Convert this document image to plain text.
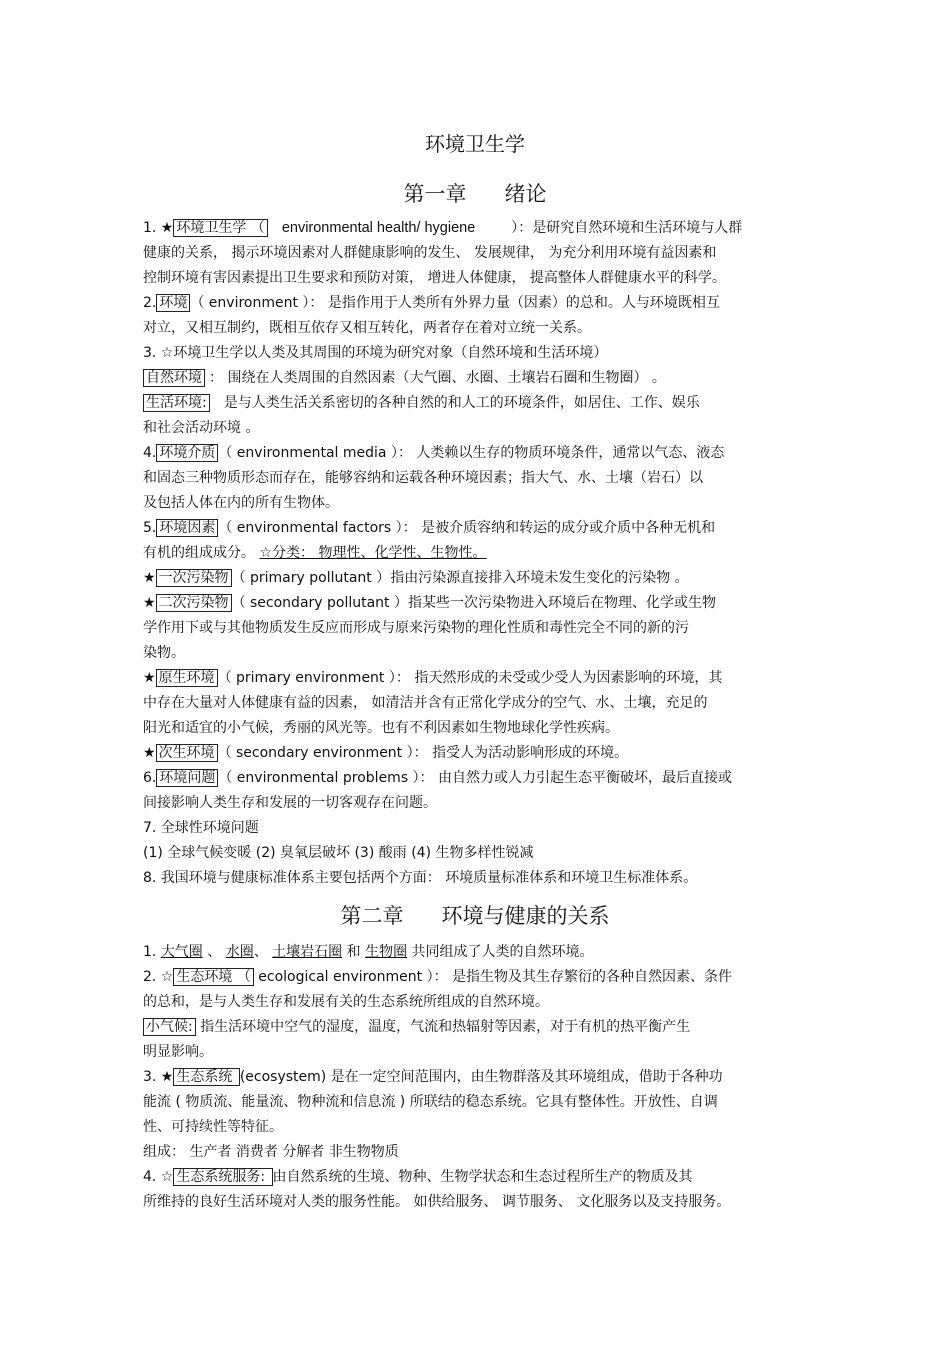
环境卫生学
第一章 绪论
1. ★ 环境卫生学 （ environmental health/ hygiene	）：是研究自然环境和生活环境与人群
健康的关系， 揭示环境因素对人群健康影响的发生、 发展规律， 为充分利用环境有益因素和
控制环境有害因素提出卫生要求和预防对策， 增进人体健康， 提高整体人群健康水平的科学。
2. 环境 （ environment ）： 是指作用于人类所有外界力量（因素）的总和。人与环境既相互
对立，又相互制约，既相互依存又相互转化，两者存在着对立统一关系。
3. ☆环境卫生学以人类及其周围的环境为研究对象（自然环境和生活环境）
自然环境 ： 围绕在人类周围的自然因素（大气圈、水圈、土壤岩石圈和生物圈） 。
生活环境: 是与人类生活关系密切的各种自然的和人工的环境条件，如居住、工作、娱乐
和社会活动环境 。
4. 环境介质 （ environmental media ）： 人类赖以生存的物质环境条件，通常以气态、液态
和固态三种物质形态而存在，能够容纳和运载各种环境因素；指大气、水、土壤（岩石）以
及包括人体在内的所有生物体。
5. 环境因素 （ environmental factors ）： 是被介质容纳和转运的成分或介质中各种无机和
有机的组成成分。 ☆分类： 物理性、化学性、生物性。
★ 一次污染物 （ primary pollutant ）指由污染源直接排入环境未发生变化的污染物 。
★ 二次污染物 （ secondary pollutant ）指某些一次污染物进入环境后在物理、化学或生物
学作用下或与其他物质发生反应而形成与原来污染物的理化性质和毒性完全不同的新的污
染物。
★ 原生环境 （ primary environment ）： 指天然形成的未受或少受人为因素影响的环境，其
中存在大量对人体健康有益的因素， 如清洁并含有正常化学成分的空气、水、土壤，充足的
阳光和适宜的小气候，秀丽的风光等。也有不利因素如生物地球化学性疾病。
★ 次生环境 （ secondary environment ）： 指受人为活动影响形成的环境。
6. 环境问题 （ environmental problems ）： 由自然力或人力引起生态平衡破坏，最后直接或
间接影响人类生存和发展的一切客观存在问题。
7. 全球性环境问题
(1) 全球气候变暖 (2) 臭氧层破坏 (3) 酸雨 (4) 生物多样性锐减
8. 我国环境与健康标准体系主要包括两个方面： 环境质量标准体系和环境卫生标准体系。
第二章 环境与健康的关系
1. 大气圈 、 水圈、 土壤岩石圈 和 生物圈 共同组成了人类的自然环境。
2. ☆ 生态环境 （ ecological environment ）： 是指生物及其生存繁衍的各种自然因素、条件
的总和，是与人类生存和发展有关的生态系统所组成的自然环境。
小气候: 指生活环境中空气的湿度，温度，气流和热辐射等因素，对于有机的热平衡产生
明显影响。
3. ★ 生态系统 (ecosystem) 是在一定空间范围内，由生物群落及其环境组成，借助于各种功
能流 ( 物质流、能量流、物种流和信息流 ) 所联结的稳态系统。它具有整体性。开放性、自调
性、可持续性等特征。
组成： 生产者 消费者 分解者 非生物物质
4. ☆ 生态系统服务: 由自然系统的生境、物种、生物学状态和生态过程所生产的物质及其
所维持的良好生活环境对人类的服务性能。 如供给服务、 调节服务、 文化服务以及支持服务。
